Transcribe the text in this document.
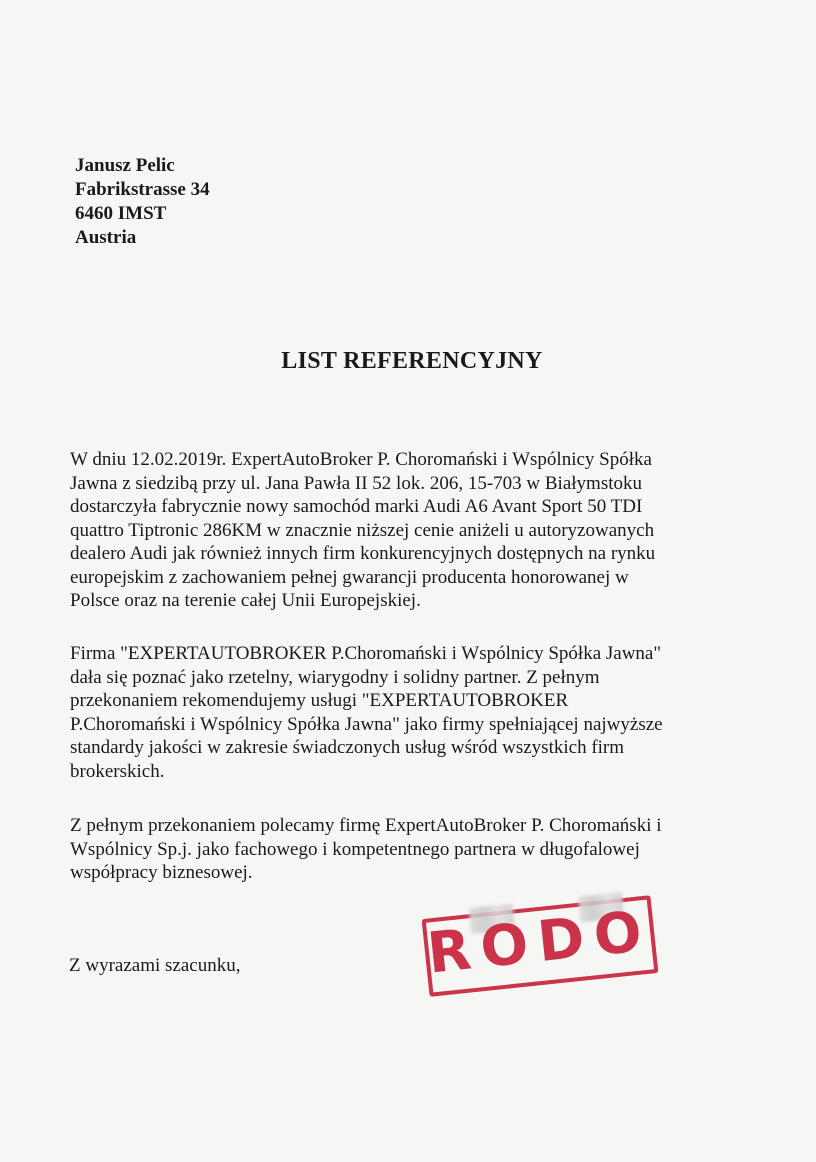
Janusz Pelic
Fabrikstrasse 34
6460 IMST
Austria
LIST REFERENCYJNY
W dniu 12.02.2019r. ExpertAutoBroker P. Choromański i Wspólnicy Spółka
Jawna z siedzibą przy ul. Jana Pawła II 52 lok. 206, 15-703 w Białymstoku
dostarczyła fabrycznie nowy samochód marki Audi A6 Avant Sport 50 TDI
quattro Tiptronic 286KM w znacznie niższej cenie aniżeli u autoryzowanych
dealero Audi jak również innych firm konkurencyjnych dostępnych na rynku
europejskim z zachowaniem pełnej gwarancji producenta honorowanej w
Polsce oraz na terenie całej Unii Europejskiej.
Firma "EXPERTAUTOBROKER P.Choromański i Wspólnicy Spółka Jawna"
dała się poznać jako rzetelny, wiarygodny i solidny partner. Z pełnym
przekonaniem rekomendujemy usługi "EXPERTAUTOBROKER
P.Choromański i Wspólnicy Spółka Jawna" jako firmy spełniającej najwyższe
standardy jakości w zakresie świadczonych usług wśród wszystkich firm
brokerskich.
Z pełnym przekonaniem polecamy firmę ExpertAutoBroker P. Choromański i
Wspólnicy Sp.j. jako fachowego i kompetentnego partnera w długofalowej
współpracy biznesowej.
Z wyrazami szacunku,	RODO
